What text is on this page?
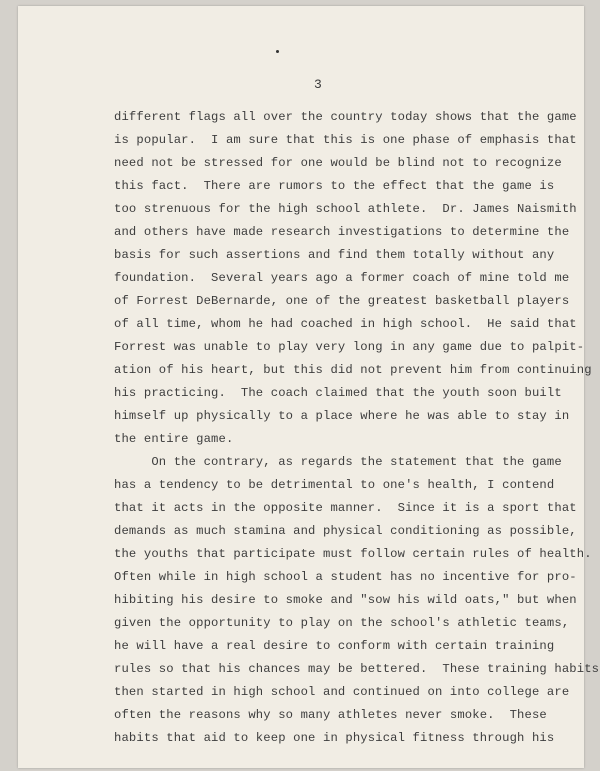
3
different flags all over the country today shows that the game
is popular.  I am sure that this is one phase of emphasis that
need not be stressed for one would be blind not to recognize
this fact.  There are rumors to the effect that the game is
too strenuous for the high school athlete.  Dr. James Naismith
and others have made research investigations to determine the
basis for such assertions and find them totally without any
foundation.  Several years ago a former coach of mine told me
of Forrest DeBernarde, one of the greatest basketball players
of all time, whom he had coached in high school.  He said that
Forrest was unable to play very long in any game due to palpit-
ation of his heart, but this did not prevent him from continuing
his practicing.  The coach claimed that the youth soon built
himself up physically to a place where he was able to stay in
the entire game.
On the contrary, as regards the statement that the game
has a tendency to be detrimental to one's health, I contend
that it acts in the opposite manner.  Since it is a sport that
demands as much stamina and physical conditioning as possible,
the youths that participate must follow certain rules of health.
Often while in high school a student has no incentive for pro-
hibiting his desire to smoke and "sow his wild oats," but when
given the opportunity to play on the school's athletic teams,
he will have a real desire to conform with certain training
rules so that his chances may be bettered.  These training habits
then started in high school and continued on into college are
often the reasons why so many athletes never smoke.  These
habits that aid to keep one in physical fitness through his
